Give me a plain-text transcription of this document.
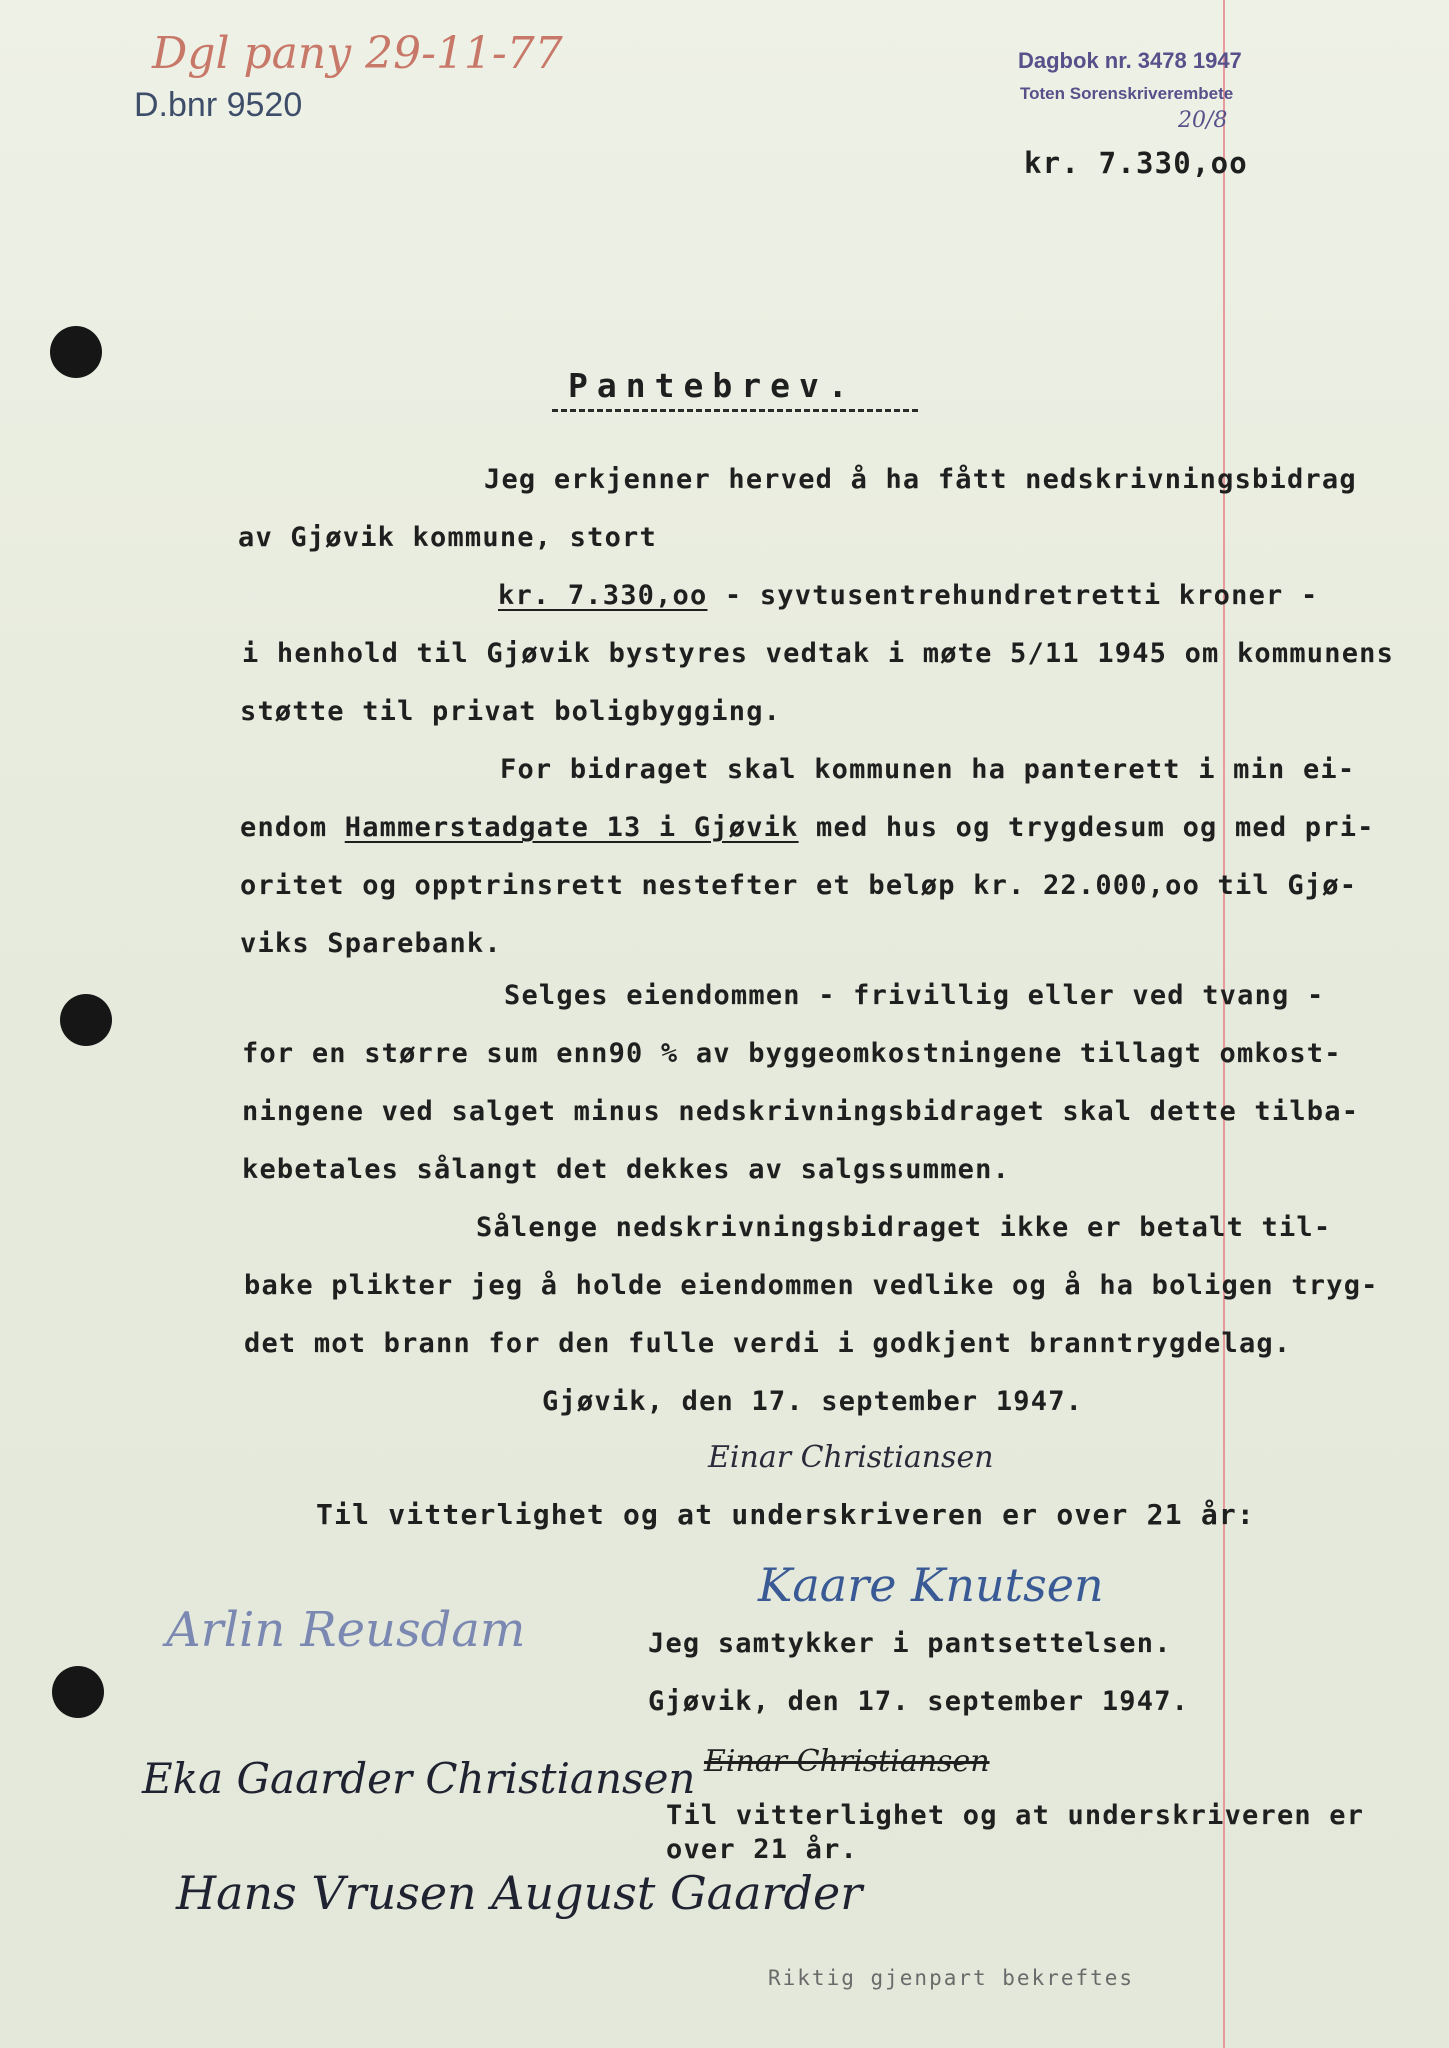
Dgl pany 29-11-77
D.bnr 9520
Dagbok nr. 3478 1947
Toten Sorenskriverembete
20/8
kr. 7.330,oo
Pantebrev.
Jeg erkjenner herved å ha fått nedskrivningsbidrag
av Gjøvik kommune, stort
kr. 7.330,oo - syvtusentrehundretretti kroner -
i henhold til Gjøvik bystyres vedtak i møte 5/11 1945 om kommunens
støtte til privat boligbygging.
For bidraget skal kommunen ha panterett i min ei-
endom Hammerstadgate 13 i Gjøvik med hus og trygdesum og med pri-
oritet og opptrinsrett nestefter et beløp kr. 22.000,oo til Gjø-
viks Sparebank.
Selges eiendommen - frivillig eller ved tvang -
for en større sum enn90 % av byggeomkostningene tillagt omkost-
ningene ved salget minus nedskrivningsbidraget skal dette tilba-
kebetales sålangt det dekkes av salgssummen.
Sålenge nedskrivningsbidraget ikke er betalt til-
bake plikter jeg å holde eiendommen vedlike og å ha boligen tryg-
det mot brann for den fulle verdi i godkjent branntrygdelag.
Gjøvik, den 17. september 1947.
Einar Christiansen
Til vitterlighet og at underskriveren er over 21 år:
Kaare Knutsen
Arlin Reusdam	Jeg samtykker i pantsettelsen.
Gjøvik, den 17. september 1947.
Eka Gaarder Christiansen Einar Christiansen
Til vitterlighet og at underskriveren er
over 21 år.
Hans Vrusen August Gaarder
Riktig gjenpart bekreftes
